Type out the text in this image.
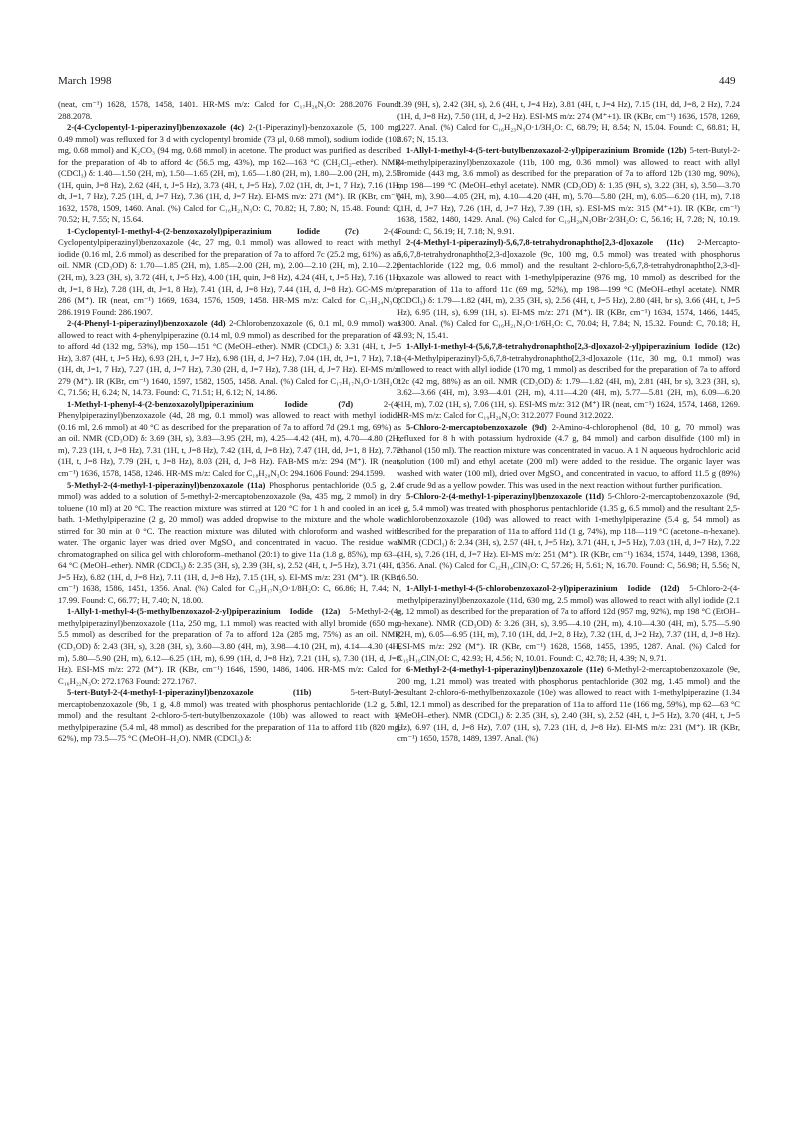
March 1998	449

(neat, cm⁻¹) 1628, 1578, 1458, 1401. HR-MS m/z: Calcd for C₁₇H₂₆N₃O: 288.2076 Found: 288.2078.

2-(4-Cyclopentyl-1-piperazinyl)benzoxazole (4c) 2-(1-Piperazinyl)-benzoxazole (5, 100 mg, 0.49 mmol) was refluxed for 3 d with cyclopentyl bromide (73 μl, 0.68 mmol), sodium iodide (102 mg, 0.68 mmol) and K₂CO₃ (94 mg, 0.68 mmol) in acetone. The product was purified as described for the preparation of 4b to afford 4c (56.5 mg, 43%), mp 162—163 °C (CH₂Cl₂–ether). NMR (CDCl₃) δ: 1.40—1.50 (2H, m), 1.50—1.65 (2H, m), 1.65—1.80 (2H, m), 1.80—2.00 (2H, m), 2.57 (1H, quin, J=8 Hz), 2.62 (4H, t, J=5 Hz), 3.73 (4H, t, J=5 Hz), 7.02 (1H, dt, J=1, 7 Hz), 7.16 (1H, dt, J=1, 7 Hz), 7.25 (1H, d, J=7 Hz), 7.36 (1H, d, J=7 Hz). EI-MS m/z: 271 (M⁺). IR (KBr, cm⁻¹) 1632, 1578, 1509, 1460. Anal. (%) Calcd for C₁₆H₂₁N₃O: C, 70.82; H, 7.80; N, 15.48. Found: C, 70.52; H, 7.55; N, 15.64.

1-Cyclopentyl-1-methyl-4-(2-benzoxazolyl)piperazinium Iodide (7c) 2-(4-Cyclopentylpiperazinyl)benzoxazole (4c, 27 mg, 0.1 mmol) was allowed to react with methyl iodide (0.16 ml, 2.6 mmol) as described for the preparation of 7a to afford 7c (25.2 mg, 61%) as an oil. NMR (CD₃OD) δ: 1.70—1.85 (2H, m), 1.85—2.00 (2H, m), 2.00—2.10 (2H, m), 2.10—2.20 (2H, m), 3.23 (3H, s), 3.72 (4H, t, J=5 Hz), 4.00 (1H, quin, J=8 Hz), 4.24 (4H, t, J=5 Hz), 7.16 (1H, dt, J=1, 8 Hz), 7.28 (1H, dt, J=1, 8 Hz), 7.41 (1H, d, J=8 Hz), 7.44 (1H, d, J=8 Hz). GC-MS m/z: 286 (M⁺). IR (neat, cm⁻¹) 1669, 1634, 1576, 1509, 1458. HR-MS m/z: Calcd for C₁₇H₂₄N₃O: 286.1919 Found: 286.1907.

2-(4-Phenyl-1-piperazinyl)benzoxazole (4d) 2-Chlorobenzoxazole (6, 0.1 ml, 0.9 mmol) was allowed to react with 4-phenylpiperazine (0.14 ml, 0.9 mmol) as described for the preparation of 4a to afford 4d (132 mg, 53%), mp 150—151 °C (MeOH–ether). NMR (CDCl₃) δ: 3.31 (4H, t, J=5 Hz), 3.87 (4H, t, J=5 Hz), 6.93 (2H, t, J=7 Hz), 6.98 (1H, d, J=7 Hz), 7.04 (1H, dt, J=1, 7 Hz), 7.18 (1H, dt, J=1, 7 Hz), 7.27 (1H, d, J=7 Hz), 7.30 (2H, d, J=7 Hz), 7.38 (1H, d, J=7 Hz). EI-MS m/z: 279 (M⁺). IR (KBr, cm⁻¹) 1640, 1597, 1582, 1505, 1458. Anal. (%) Calcd for C₁₇H₁₇N₃O·1/3H₂O: C, 71.56; H, 6.24; N, 14.73. Found: C, 71.51; H, 6.12; N, 14.86.

1-Methyl-1-phenyl-4-(2-benzoxazolyl)piperazinium Iodide (7d) 2-(4-Phenylpiperazinyl)benzoxazole (4d, 28 mg, 0.1 mmol) was allowed to react with methyl iodide (0.16 ml, 2.6 mmol) at 40 °C as described for the preparation of 7a to afford 7d (29.1 mg, 69%) as an oil. NMR (CD₃OD) δ: 3.69 (3H, s), 3.83—3.95 (2H, m), 4.25—4.42 (4H, m), 4.70—4.80 (2H, m), 7.23 (1H, t, J=8 Hz), 7.31 (1H, t, J=8 Hz), 7.42 (1H, d, J=8 Hz), 7.47 (1H, dd, J=1, 8 Hz), 7.72 (1H, t, J=8 Hz), 7.79 (2H, t, J=8 Hz), 8.03 (2H, d, J=8 Hz). FAB-MS m/z: 294 (M⁺). IR (neat, cm⁻¹) 1636, 1578, 1458, 1246. HR-MS m/z: Calcd for C₁₈H₂₀N₃O: 294.1606 Found: 294.1599.

5-Methyl-2-(4-methyl-1-piperazinyl)benzoxazole (11a) Phosphorus pentachloride (0.5 g, 2.4 mmol) was added to a solution of 5-methyl-2-mercaptobenzoxazole (9a, 435 mg, 2 mmol) in dry toluene (10 ml) at 20 °C. The reaction mixture was stirred at 120 °C for 1 h and cooled in an ice-bath. 1-Methylpiperazine (2 g, 20 mmol) was added dropwise to the mixture and the whole was stirred for 30 min at 0 °C. The reaction mixture was diluted with chloroform and washed with water. The organic layer was dried over MgSO₄ and concentrated in vacuo. The residue was chromatographed on silica gel with chloroform–methanol (20:1) to give 11a (1.8 g, 85%), mp 63—64 °C (MeOH–ether). NMR (CDCl₃) δ: 2.35 (3H, s), 2.39 (3H, s), 2.52 (4H, t, J=5 Hz), 3.71 (4H, t, J=5 Hz), 6.82 (1H, d, J=8 Hz), 7.11 (1H, d, J=8 Hz), 7.15 (1H, s). EI-MS m/z: 231 (M⁺). IR (KBr, cm⁻¹) 1638, 1586, 1451, 1356. Anal. (%) Calcd for C₁₃H₁₇N₃O·1/8H₂O: C, 66.86; H, 7.44; N, 17.99. Found: C, 66.77; H, 7.40; N, 18.00.

1-Allyl-1-methyl-4-(5-methylbenzoxazol-2-yl)piperazinium Iodide (12a) 5-Methyl-2-(4-methylpiperazinyl)benzoxazole (11a, 250 mg, 1.1 mmol) was reacted with allyl bromide (650 mg, 5.5 mmol) as described for the preparation of 7a to afford 12a (285 mg, 75%) as an oil. NMR (CD₃OD) δ: 2.43 (3H, s), 3.28 (3H, s), 3.60—3.80 (4H, m), 3.98—4.10 (2H, m), 4.14—4.30 (4H, m), 5.80—5.90 (2H, m), 6.12—6.25 (1H, m), 6.99 (1H, d, J=8 Hz), 7.21 (1H, s), 7.30 (1H, d, J=8 Hz). ESI-MS m/z: 272 (M⁺). IR (KBr, cm⁻¹) 1646, 1590, 1486, 1406. HR-MS m/z: Calcd for C₁₆H₂₂N₃O: 272.1763 Found: 272.1767.

5-tert-Butyl-2-(4-methyl-1-piperazinyl)benzoxazole (11b) 5-tert-Butyl-2-mercaptobenzoxazole (9b, 1 g, 4.8 mmol) was treated with phosphorus pentachloride (1.2 g, 5.8 mmol) and the resultant 2-chloro-5-tert-butylbenzoxazole (10b) was allowed to react with 1-methylpiperazine (5.4 ml, 48 mmol) as described for the preparation of 11a to afford 11b (820 mg, 62%), mp 73.5—75 °C (MeOH–H₂O). NMR (CDCl₃) δ:

1.39 (9H, s), 2.42 (3H, s), 2.6 (4H, t, J=4 Hz), 3.81 (4H, t, J=4 Hz), 7.15 (1H, dd, J=8, 2 Hz), 7.24 (1H, d, J=8 Hz), 7.50 (1H, d, J=2 Hz). ESI-MS m/z: 274 (M⁺+1). IR (KBr, cm⁻¹) 1636, 1578, 1269, 1227. Anal. (%) Calcd for C₁₆H₂₃N₃O·1/3H₂O: C, 68.79; H, 8.54; N, 15.04. Found: C, 68.81; H, 8.67; N, 15.13.

1-Allyl-1-methyl-4-(5-tert-butylbenzoxazol-2-yl)piperazinium Bromide (12b) 5-tert-Butyl-2-(4-methylpiperazinyl)benzoxazole (11b, 100 mg, 0.36 mmol) was allowed to react with allyl bromide (443 mg, 3.6 mmol) as described for the preparation of 7a to afford 12b (130 mg, 90%), mp 198—199 °C (MeOH–ethyl acetate). NMR (CD₃OD) δ: 1.35 (9H, s), 3.22 (3H, s), 3.50—3.70 (4H, m), 3.90—4.05 (2H, m), 4.10—4.20 (4H, m), 5.70—5.80 (2H, m), 6.05—6.20 (1H, m), 7.18 (1H, d, J=7 Hz), 7.26 (1H, d, J=7 Hz), 7.39 (1H, s). ESI-MS m/z: 315 (M⁺+1). IR (KBr, cm⁻¹) 1638, 1582, 1480, 1429. Anal. (%) Calcd for C₁₉H₂₈N₃OBr·2/3H₂O: C, 56.16; H, 7.28; N, 10.19. Found: C, 56.19; H, 7.18; N, 9.91.

2-(4-Methyl-1-piperazinyl)-5,6,7,8-tetrahydronaphtho[2,3-d]oxazole (11c) 2-Mercapto-5,6,7,8-tetrahydronaphtho[2,3-d]oxazole (9c, 100 mg, 0.5 mmol) was treated with phosphorus pentachloride (122 mg, 0.6 mmol) and the resultant 2-chloro-5,6,7,8-tetrahydronaphtho[2,3-d]-oxazole was allowed to react with 1-methylpiperazine (976 mg, 10 mmol) as described for the preparation of 11a to afford 11c (69 mg, 52%), mp 198—199 °C (MeOH–ethyl acetate). NMR (CDCl₃) δ: 1.79—1.82 (4H, m), 2.35 (3H, s), 2.56 (4H, t, J=5 Hz), 2.80 (4H, br s), 3.66 (4H, t, J=5 Hz), 6.95 (1H, s), 6.99 (1H, s). EI-MS m/z: 271 (M⁺). IR (KBr, cm⁻¹) 1634, 1574, 1466, 1445, 1300. Anal. (%) Calcd for C₁₆H₂₁N₃O·1/6H₂O: C, 70.04; H, 7.84; N, 15.32. Found: C, 70.18; H, 7.93; N, 15.41.

1-Allyl-1-methyl-4-(5,6,7,8-tetrahydronaphtho[2,3-d]oxazol-2-yl)piperazinium Iodide (12c) 2-(4-Methylpiperazinyl)-5,6,7,8-tetrahydronaphtho[2,3-d]oxazole (11c, 30 mg, 0.1 mmol) was allowed to react with allyl iodide (170 mg, 1 mmol) as described for the preparation of 7a to afford 12c (42 mg, 88%) as an oil. NMR (CD₃OD) δ: 1.79—1.82 (4H, m), 2.81 (4H, br s), 3.23 (3H, s), 3.62—3.66 (4H, m), 3.93—4.01 (2H, m), 4.11—4.20 (4H, m), 5.77—5.81 (2H, m), 6.09—6.20 (1H, m), 7.02 (1H, s), 7.06 (1H, s). ESI-MS m/z: 312 (M⁺) IR (neat, cm⁻¹) 1624, 1574, 1468, 1269. HR-MS m/z: Calcd for C₁₉H₂₆N₃O: 312.2077 Found 312.2022.

5-Chloro-2-mercaptobenzoxazole (9d) 2-Amino-4-chlorophenol (8d, 10 g, 70 mmol) was refluxed for 8 h with potassium hydroxide (4.7 g, 84 mmol) and carbon disulfide (100 ml) in ethanol (150 ml). The reaction mixture was concentrated in vacuo. A 1 N aqueous hydrochloric acid solution (100 ml) and ethyl acetate (200 ml) were added to the residue. The organic layer was washed with water (100 ml), dried over MgSO₄ and concentrated in vacuo, to afford 11.5 g (89%) of crude 9d as a yellow powder. This was used in the next reaction without further purification.

5-Chloro-2-(4-methyl-1-piperazinyl)benzoxazole (11d) 5-Chloro-2-mercaptobenzoxazole (9d, 1 g, 5.4 mmol) was treated with phosphorus pentachloride (1.35 g, 6.5 mmol) and the resultant 2,5-dichlorobenzoxazole (10d) was allowed to react with 1-methylpiperazine (5.4 g, 54 mmol) as described for the preparation of 11a to afford 11d (1 g, 74%), mp 118—119 °C (acetone–n-hexane). NMR (CDCl₃) δ: 2.34 (3H, s), 2.57 (4H, t, J=5 Hz), 3.71 (4H, t, J=5 Hz), 7.03 (1H, d, J=7 Hz), 7.22 (1H, s), 7.26 (1H, d, J=7 Hz). EI-MS m/z: 251 (M⁺). IR (KBr, cm⁻¹) 1634, 1574, 1449, 1398, 1368, 1356. Anal. (%) Calcd for C₁₂H₁₄ClN₃O: C, 57.26; H, 5.61; N, 16.70. Found: C, 56.98; H, 5.56; N, 16.50.

1-Allyl-1-methyl-4-(5-chlorobenzoxazol-2-yl)piperazinium Iodide (12d) 5-Chloro-2-(4-methylpiperazinyl)benzoxazole (11d, 630 mg, 2.5 mmol) was allowed to react with allyl iodide (2.1 g, 12 mmol) as described for the preparation of 7a to afford 12d (957 mg, 92%), mp 198 °C (EtOH–n-hexane). NMR (CD₃OD) δ: 3.26 (3H, s), 3.95—4.10 (2H, m), 4.10—4.30 (4H, m), 5.75—5.90 (2H, m), 6.05—6.95 (1H, m), 7.10 (1H, dd, J=2, 8 Hz), 7.32 (1H, d, J=2 Hz), 7.37 (1H, d, J=8 Hz). ESI-MS m/z: 292 (M⁺). IR (KBr, cm⁻¹) 1628, 1568, 1455, 1395, 1287. Anal. (%) Calcd for C₁₅H₁₉ClN₃OI: C, 42.93; H, 4.56; N, 10.01. Found: C, 42.78; H, 4.39; N, 9.71.

6-Methyl-2-(4-methyl-1-piperazinyl)benzoxazole (11e) 6-Methyl-2-mercaptobenzoxazole (9e, 200 mg, 1.21 mmol) was treated with phosphorus pentachloride (302 mg, 1.45 mmol) and the resultant 2-chloro-6-methylbenzoxazole (10e) was allowed to react with 1-methylpiperazine (1.34 ml, 12.1 mmol) as described for the preparation of 11a to afford 11e (166 mg, 59%), mp 62—63 °C (MeOH–ether). NMR (CDCl₃) δ: 2.35 (3H, s), 2.40 (3H, s), 2.52 (4H, t, J=5 Hz), 3.70 (4H, t, J=5 Hz), 6.97 (1H, d, J=8 Hz), 7.07 (1H, s), 7.23 (1H, d, J=8 Hz). EI-MS m/z: 231 (M⁺). IR (KBr, cm⁻¹) 1650, 1578, 1489, 1397. Anal. (%)
